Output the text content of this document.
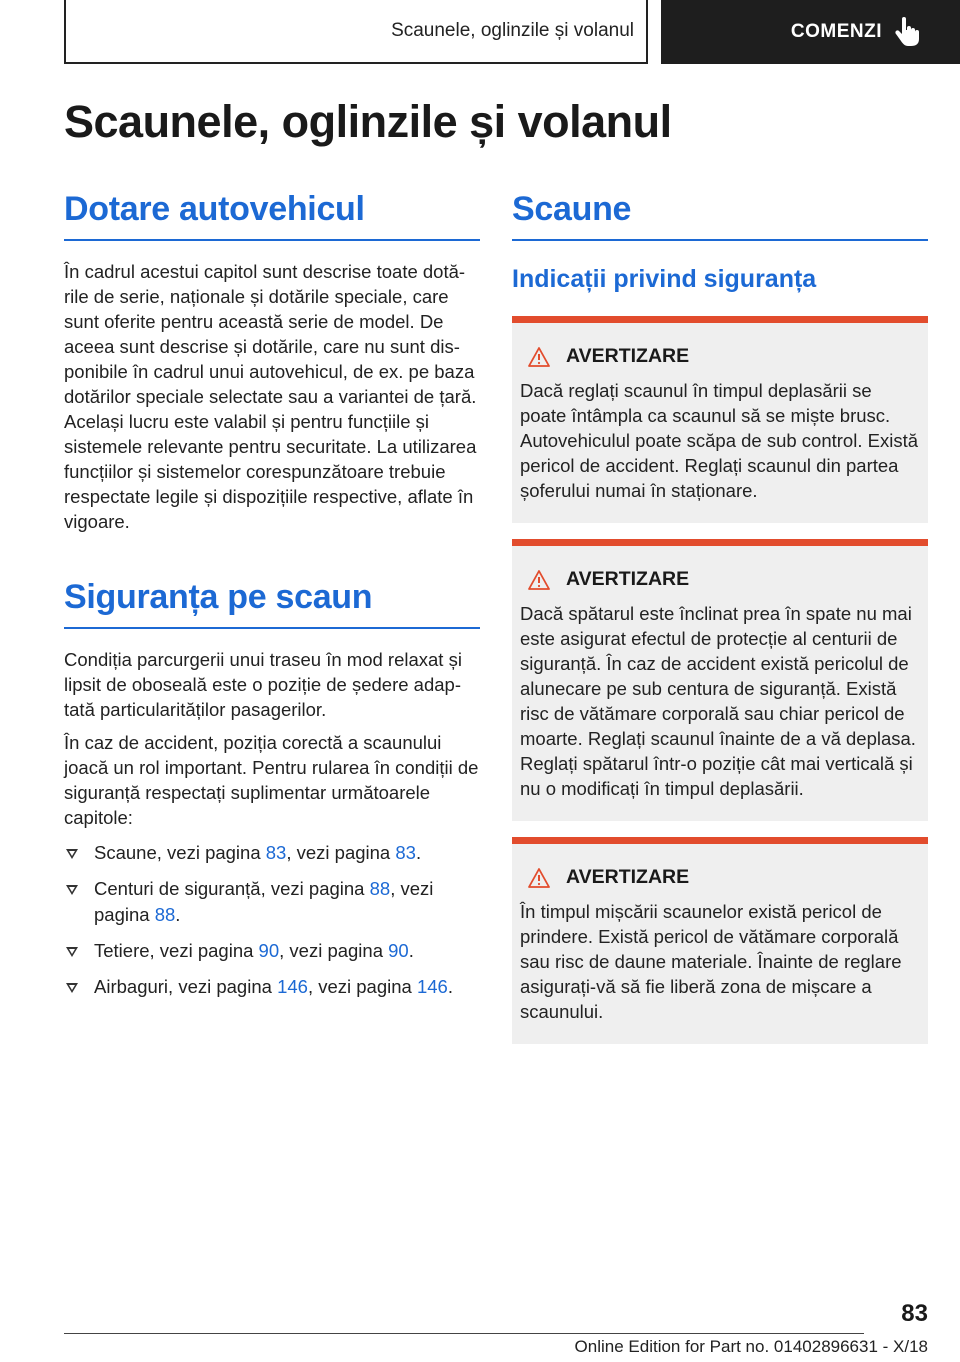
Scaunele, oglinzile și volanul	COMENZI
Scaunele, oglinzile și volanul
Dotare autovehicul

În cadrul acestui capitol sunt descrise toate dotările de serie, naționale și dotările speciale, care sunt oferite pentru această serie de model. De aceea sunt descrise și dotările, care nu sunt disponibile în cadrul unui autovehicul, de ex. pe baza dotărilor speciale selectate sau a variantei de țară. Același lucru este valabil și pentru funcțiile și sistemele relevante pentru securitate. La utilizarea funcțiilor și sistemelor corespunzătoare trebuie respectate legile și dispozițiile respective, aflate în vigoare.

Siguranța pe scaun

Condiția parcurgerii unui traseu în mod relaxat și lipsit de oboseală este o poziție de ședere adaptată particularităților pasagerilor.

În caz de accident, poziția corectă a scaunului joacă un rol important. Pentru rularea în condiții de siguranță respectați suplimentar următoarele capitole:

Scaune, vezi pagina 83, vezi pagina 83.
Centuri de siguranță, vezi pagina 88, vezi pagina 88.
Tetiere, vezi pagina 90, vezi pagina 90.
Airbaguri, vezi pagina 146, vezi pagina 146.
Scaune
Indicații privind siguranța
AVERTIZARE
Dacă reglați scaunul în timpul deplasării se poate întâmpla ca scaunul să se miște brusc. Autovehiculul poate scăpa de sub control. Există pericol de accident. Reglați scaunul din partea șoferului numai în staționare.
AVERTIZARE
Dacă spătarul este înclinat prea în spate nu mai este asigurat efectul de protecție al centurii de siguranță. În caz de accident există pericolul de alunecare pe sub centura de siguranță. Există risc de vătămare corporală sau chiar pericol de moarte. Reglați scaunul înainte de a vă deplasa. Reglați spătarul într-o poziție cât mai verticală și nu o modificați în timpul deplasării.
AVERTIZARE
În timpul mișcării scaunelor există pericol de prindere. Există pericol de vătămare corporală sau risc de daune materiale. Înainte de reglare asigurați-vă să fie liberă zona de mișcare a scaunului.
83
Online Edition for Part no. 01402896631 - X/18
